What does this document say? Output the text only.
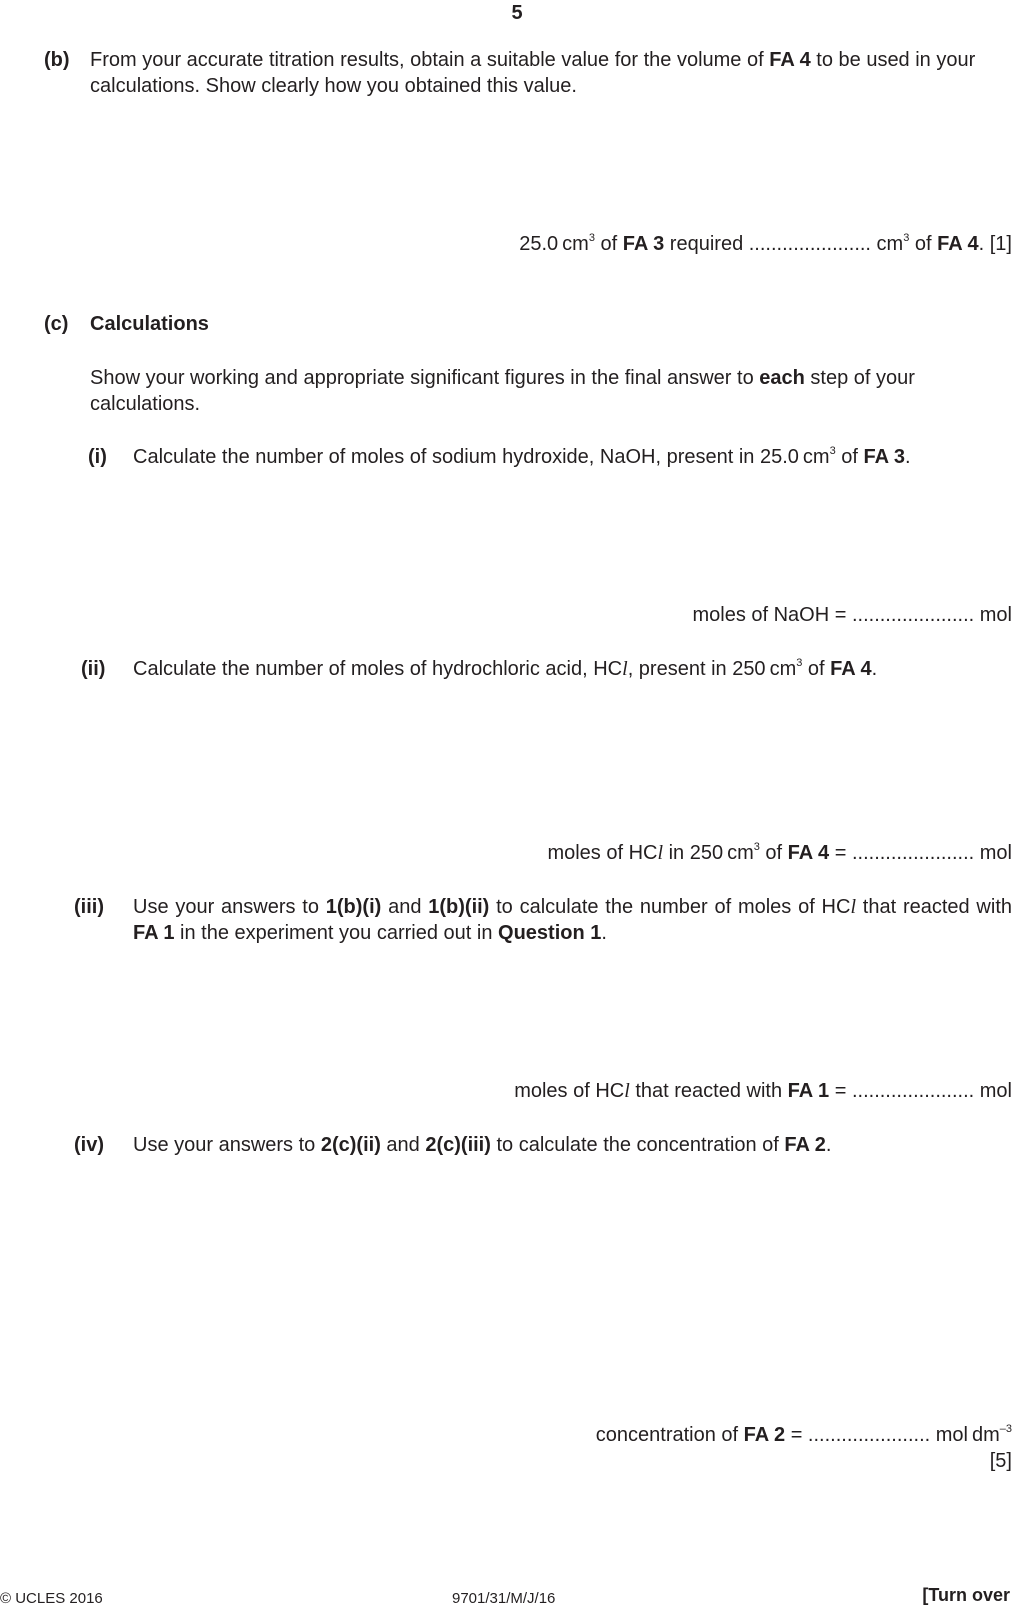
5
(b) From your accurate titration results, obtain a suitable value for the volume of FA 4 to be used in your calculations. Show clearly how you obtained this value.
25.0 $cm^3$ of FA 3 required ...................... $cm^3$ of FA 4. [1]
(c) Calculations
Show your working and appropriate significant figures in the final answer to each step of your calculations.
(i) Calculate the number of moles of sodium hydroxide, NaOH, present in 25.0 $cm^3$ of FA 3.
moles of NaOH = ...................... mol
(ii) Calculate the number of moles of hydrochloric acid, HCl, present in 250 $cm^3$ of FA 4.
moles of HCl in 250 $cm^3$ of FA 4 = ...................... mol
(iii) Use your answers to 1(b)(i) and 1(b)(ii) to calculate the number of moles of HCl that reacted with FA 1 in the experiment you carried out in Question 1.
moles of HCl that reacted with FA 1 = ...................... mol
(iv) Use your answers to 2(c)(ii) and 2(c)(iii) to calculate the concentration of FA 2.
concentration of FA 2 = ...................... mol $dm^{-3}$
[5]
© UCLES 2016	9701/31/M/J/16	[Turn over
